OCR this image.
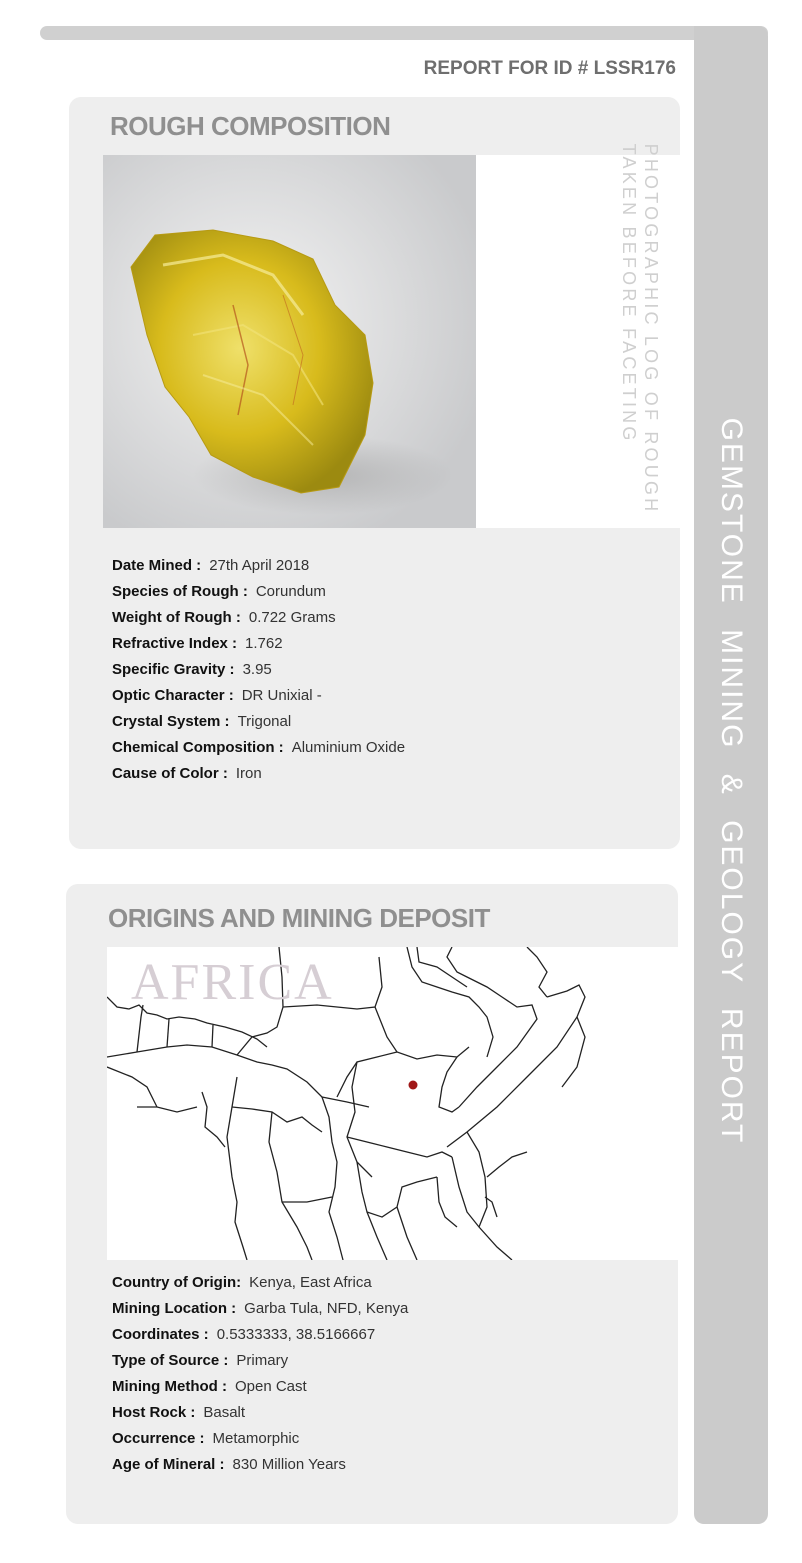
GEMSTONE MINING & GEOLOGY REPORT
REPORT FOR ID # LSSR176
ROUGH COMPOSITION
PHOTOGRAPHIC LOG OF ROUGH
TAKEN BEFORE FACETING
Date Mined : 27th April 2018
Species of Rough : Corundum
Weight of Rough : 0.722 Grams
Refractive Index : 1.762
Specific Gravity : 3.95
Optic Character : DR Unixial -
Crystal System : Trigonal
Chemical Composition : Aluminium Oxide
Cause of Color : Iron
ORIGINS AND MINING DEPOSIT
AFRICA
Country of Origin: Kenya, East Africa
Mining Location : Garba Tula, NFD, Kenya
Coordinates : 0.5333333, 38.5166667
Type of Source : Primary
Mining Method : Open Cast
Host Rock : Basalt
Occurrence : Metamorphic
Age of Mineral : 830 Million Years
